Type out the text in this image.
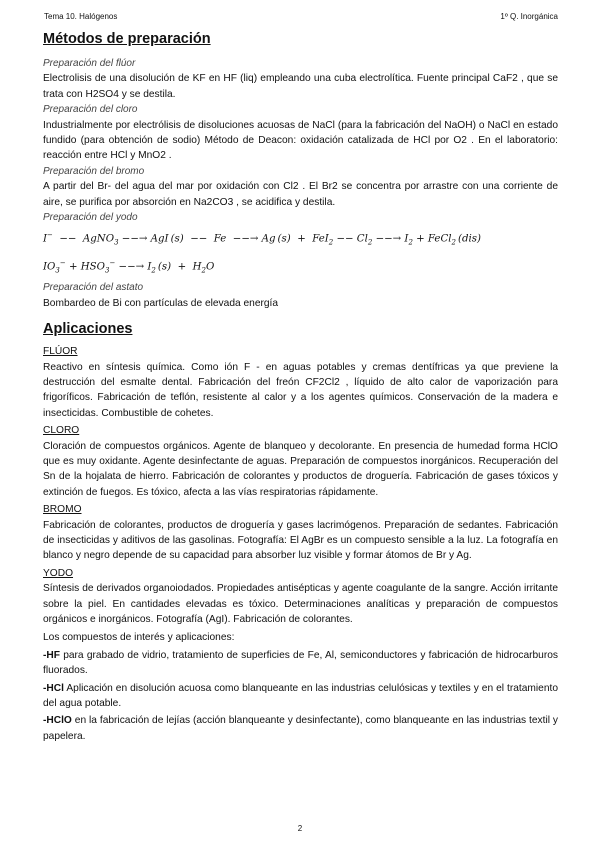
Tema 10. Halógenos	1º Q. Inorgánica
Métodos de preparación
Preparación del flúor

Electrolisis de una disolución de KF en HF (liq) empleando una cuba electrolítica. Fuente principal CaF2 , que se trata con H2SO4 y se destila.

Preparación del cloro

Industrialmente por electrólisis de disoluciones acuosas de NaCl (para la fabricación del NaOH) o NaCl en estado fundido (para obtención de sodio) Método de Deacon: oxidación catalizada de HCl por O2 . En el laboratorio: reacción entre HCl y MnO2 .

Preparación del bromo

A partir del Br- del agua del mar por oxidación con Cl2 . El Br2 se concentra por arrastre con una corriente de aire, se purifica por absorción en Na2CO3 , se acidifica y destila.

Preparación del yodo
I−  −−  AgNO$_3$ −−→ AgI (s)  −−  Fe  −−→ Ag $(s) + FeI_2 -- Cl_2$ −−→ $I_2$ + FeCl$_2$ (dis)
$IO_3^- + HSO_3^-$ −−→ $I_2$ $(s) + H_2O$
Preparación del astato

Bombardeo de Bi con partículas de elevada energía

Aplicaciones
FLÚOR

Reactivo en síntesis química. Como ión F - en aguas potables y cremas dentífricas ya que previene la destrucción del esmalte dental. Fabricación del freón CF2Cl2 , líquido de alto calor de vaporización para frigoríficos. Fabricación de teflón, resistente al calor y a los agentes químicos. Conservación de la madera e insecticidas. Combustible de cohetes.

CLORO

Cloración de compuestos orgánicos. Agente de blanqueo y decolorante. En presencia de humedad forma HClO que es muy oxidante. Agente desinfectante de aguas. Preparación de compuestos inorgánicos. Recuperación del Sn de la hojalata de hierro. Fabricación de colorantes y productos de droguería. Fabricación de gases tóxicos y extinción de fuegos. Es tóxico, afecta a las vías respiratorias rápidamente.

BROMO

Fabricación de colorantes, productos de droguería y gases lacrimógenos. Preparación de sedantes. Fabricación de insecticidas y aditivos de las gasolinas. Fotografía: El AgBr es un compuesto sensible a la luz. La fotografía en blanco y negro depende de su capacidad para absorber luz visible y formar átomos de Br y Ag.

YODO

Síntesis de derivados organoiodados. Propiedades antisépticas y agente coagulante de la sangre. Acción irritante sobre la piel. En cantidades elevadas es tóxico. Determinaciones analíticas y preparación de compuestos orgánicos e inorgánicos. Fotografía (AgI). Fabricación de colorantes.

Los compuestos de interés y aplicaciones:

-HF para grabado de vidrio, tratamiento de superficies de Fe, Al, semiconductores y fabricación de hidrocarburos fluorados.

-HCl Aplicación en disolución acuosa como blanqueante en las industrias celulósicas y textiles y en el tratamiento del agua potable.

-HClO en la fabricación de lejías (acción blanqueante y desinfectante), como blanqueante en las industrias textil y papelera.

2
